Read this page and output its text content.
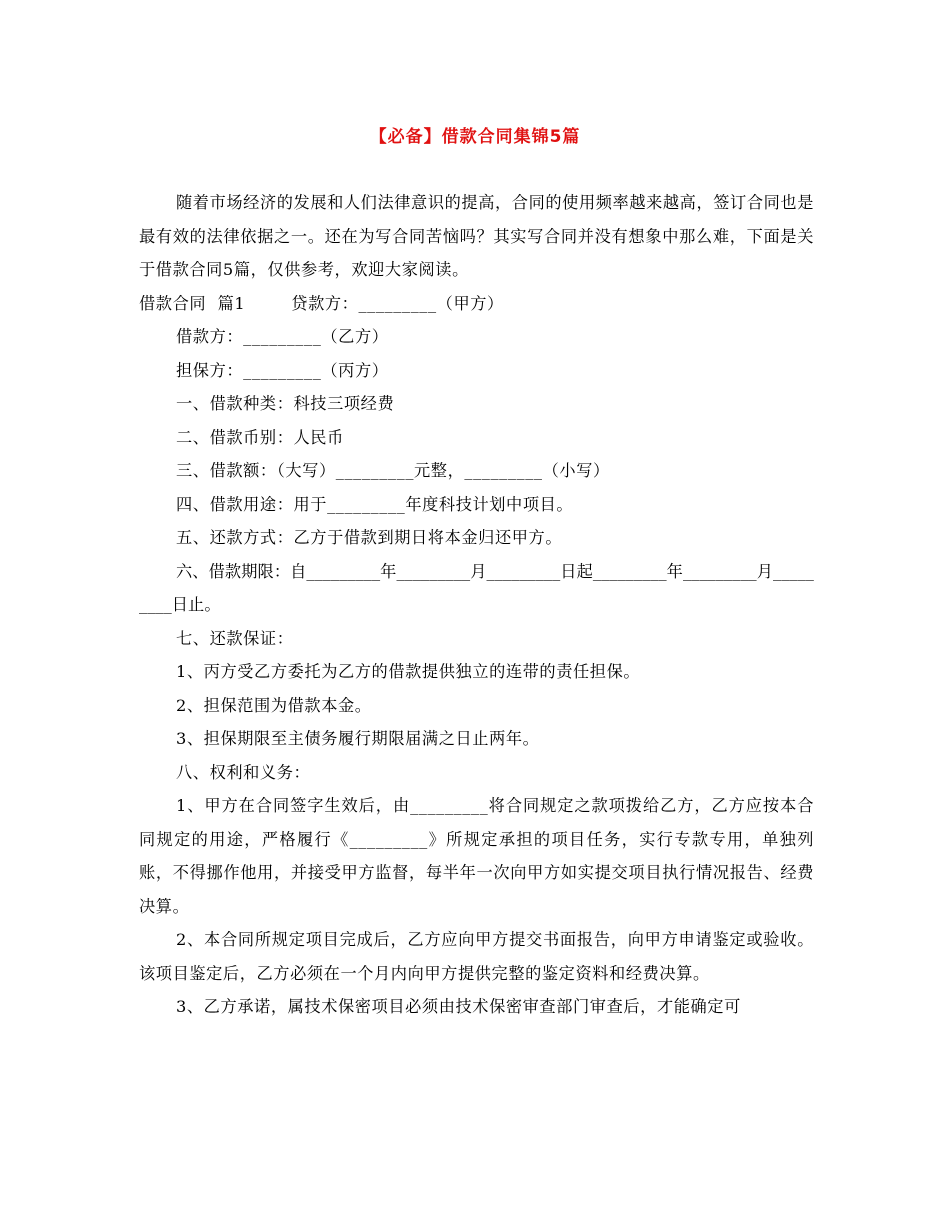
【必备】借款合同集锦5篇

随着市场经济的发展和人们法律意识的提高，合同的使用频率越来越高，签订合同也是最有效的法律依据之一。还在为写合同苦恼吗？其实写合同并没有想象中那么难，下面是关于借款合同5篇，仅供参考，欢迎大家阅读。

借款合同  篇1        贷款方：_________（甲方）

借款方：_________（乙方）

担保方：_________（丙方）

一、借款种类：科技三项经费

二、借款币别：人民币

三、借款额：（大写）_________元整，_________（小写）

四、借款用途：用于_________年度科技计划中项目。

五、还款方式：乙方于借款到期日将本金归还甲方。

六、借款期限：自_________年_________月_________日起_________年_________月_________日止。

七、还款保证：

1、丙方受乙方委托为乙方的借款提供独立的连带的责任担保。

2、担保范围为借款本金。

3、担保期限至主债务履行期限届满之日止两年。

八、权利和义务：

1、甲方在合同签字生效后，由_________将合同规定之款项拨给乙方，乙方应按本合同规定的用途，严格履行《_________》所规定承担的项目任务，实行专款专用，单独列账，不得挪作他用，并接受甲方监督，每半年一次向甲方如实提交项目执行情况报告、经费决算。

2、本合同所规定项目完成后，乙方应向甲方提交书面报告，向甲方申请鉴定或验收。该项目鉴定后，乙方必须在一个月内向甲方提供完整的鉴定资料和经费决算。

3、乙方承诺，属技术保密项目必须由技术保密审查部门审查后，才能确定可
